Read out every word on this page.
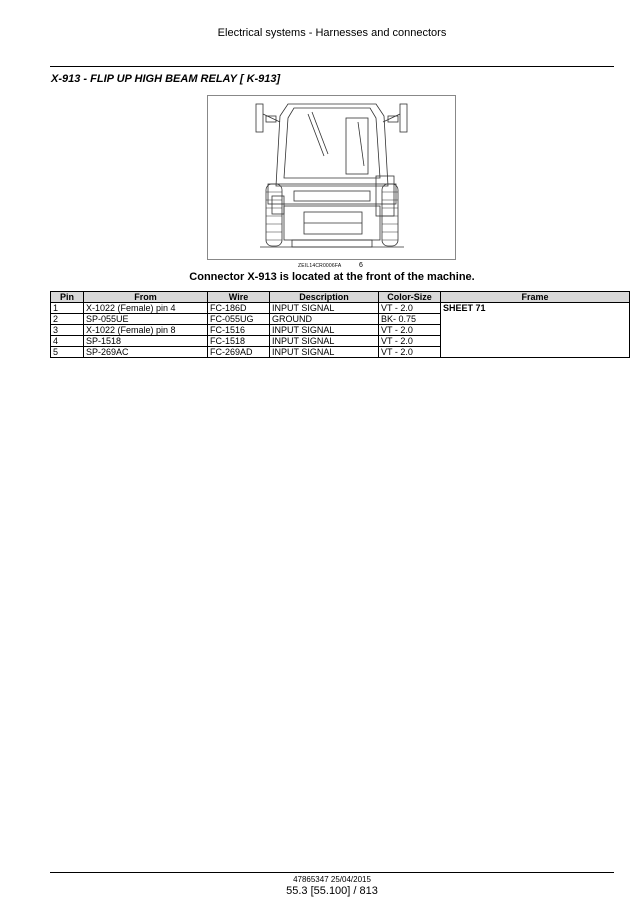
Electrical systems - Harnesses and connectors
X-913 - FLIP UP HIGH BEAM RELAY [ K-913]
ZEIL14CR0006FA	6
Connector X-913 is located at the front of the machine.
Pin	From	Wire	Description	Color-Size	Frame
1	X-1022 (Female) pin 4	FC-186D	INPUT SIGNAL	VT - 2.0	SHEET 71
2	SP-055UE	FC-055UG	GROUND	BK- 0.75	
3	X-1022 (Female) pin 8	FC-1516	INPUT SIGNAL	VT - 2.0	
4	SP-1518	FC-1518	INPUT SIGNAL	VT - 2.0	
5	SP-269AC	FC-269AD	INPUT SIGNAL	VT - 2.0	
47865347 25/04/2015
55.3 [55.100] / 813
